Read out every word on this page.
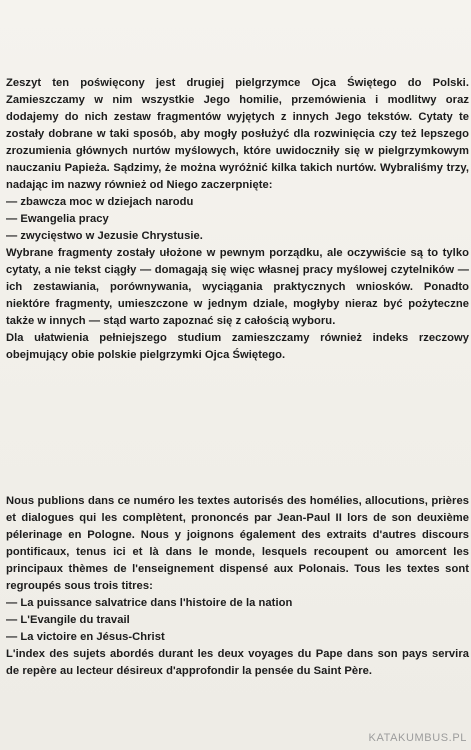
Zeszyt ten poświęcony jest drugiej pielgrzymce Ojca Świętego do Polski. Zamieszczamy w nim wszystkie Jego homilie, przemówienia i modlitwy oraz dodajemy do nich zestaw fragmentów wyjętych z innych Jego tekstów. Cytaty te zostały dobrane w taki sposób, aby mogły posłużyć dla rozwinięcia czy też lepszego zrozumienia głównych nurtów myślowych, które uwidoczniły się w pielgrzymkowym nauczaniu Papieża. Sądzimy, że można wyróżnić kilka takich nurtów. Wybraliśmy trzy, nadając im nazwy również od Niego zaczerpnięte:

— zbawcza moc w dziejach narodu
— Ewangelia pracy
— zwycięstwo w Jezusie Chrystusie.

Wybrane fragmenty zostały ułożone w pewnym porządku, ale oczywiście są to tylko cytaty, a nie tekst ciągły — domagają się więc własnej pracy myślowej czytelników — ich zestawiania, porównywania, wyciągania praktycznych wniosków. Ponadto niektóre fragmenty, umieszczone w jednym dziale, mogłyby nieraz być pożyteczne także w innych — stąd warto zapoznać się z całością wyboru.

Dla ułatwienia pełniejszego studium zamieszczamy również indeks rzeczowy obejmujący obie polskie pielgrzymki Ojca Świętego.

Nous publions dans ce numéro les textes autorisés des homélies, allocutions, prières et dialogues qui les complètent, prononcés par Jean-Paul II lors de son deuxième pélerinage en Pologne. Nous y joignons également des extraits d'autres discours pontificaux, tenus ici et là dans le monde, lesquels recoupent ou amorcent les principaux thèmes de l'enseignement dispensé aux Polonais. Tous les textes sont regroupés sous trois titres:

— La puissance salvatrice dans l'histoire de la nation
— L'Evangile du travail
— La victoire en Jésus-Christ

L'index des sujets abordés durant les deux voyages du Pape dans son pays servira de repère au lecteur désireux d'approfondir la pensée du Saint Père.

KATAKUMBUS.PL
